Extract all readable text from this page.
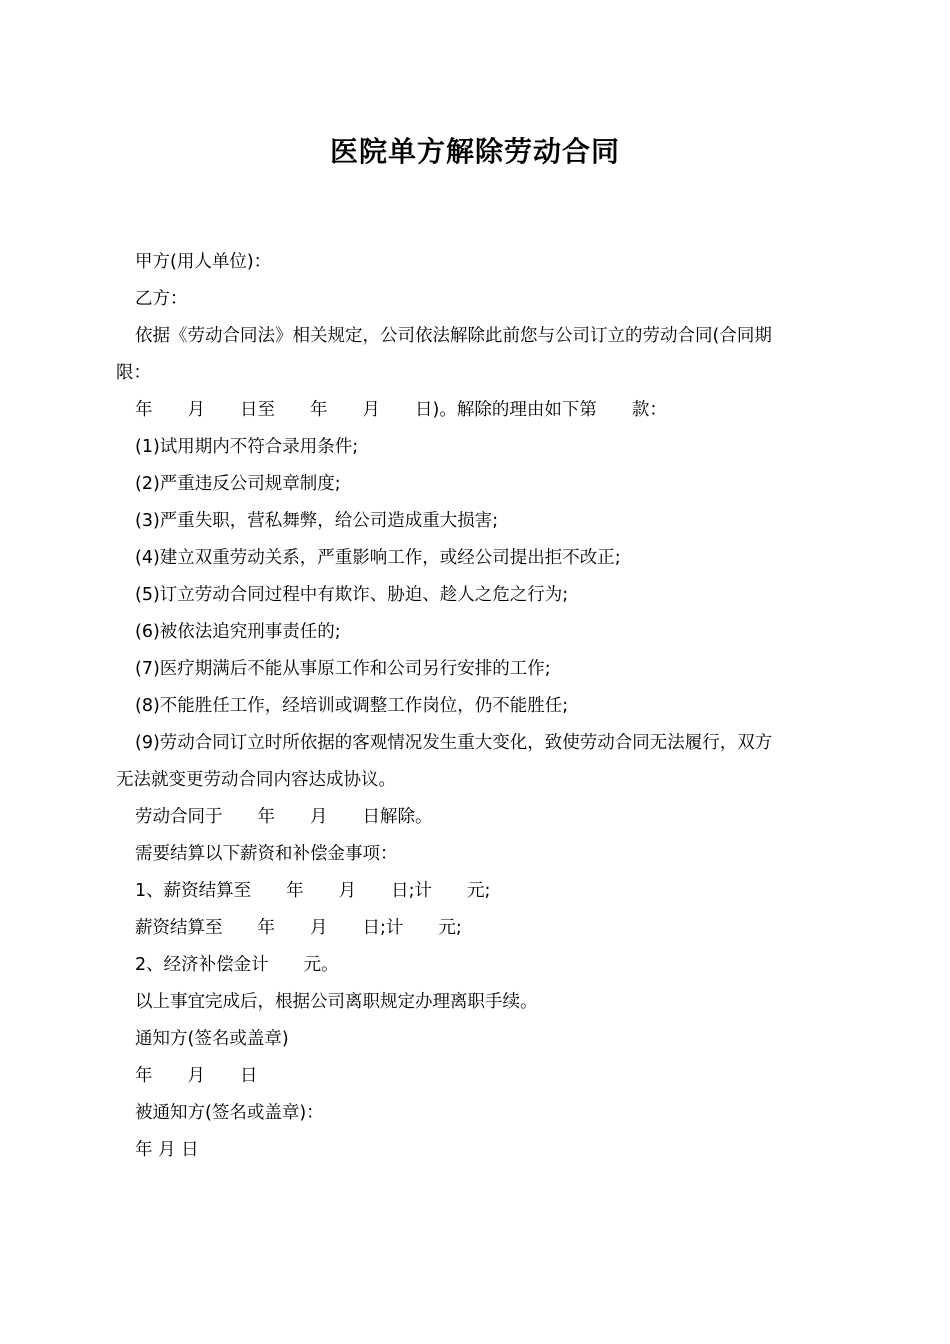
医院单方解除劳动合同
甲方(用人单位)：
乙方：
依据《劳动合同法》相关规定，公司依法解除此前您与公司订立的劳动合同(合同期
限：
年　　月　　日至　　年　　月　　日)。解除的理由如下第　　款：
(1)试用期内不符合录用条件;
(2)严重违反公司规章制度;
(3)严重失职，营私舞弊，给公司造成重大损害;
(4)建立双重劳动关系，严重影响工作，或经公司提出拒不改正;
(5)订立劳动合同过程中有欺诈、胁迫、趁人之危之行为;
(6)被依法追究刑事责任的;
(7)医疗期满后不能从事原工作和公司另行安排的工作;
(8)不能胜任工作，经培训或调整工作岗位，仍不能胜任;
(9)劳动合同订立时所依据的客观情况发生重大变化，致使劳动合同无法履行，双方
无法就变更劳动合同内容达成协议。
劳动合同于　　年　　月　　日解除。
需要结算以下薪资和补偿金事项：
1、薪资结算至　　年　　月　　日;计　　元;
薪资结算至　　年　　月　　日;计　　元;
2、经济补偿金计　　元。
以上事宜完成后，根据公司离职规定办理离职手续。
通知方(签名或盖章)
年　　月　　日
被通知方(签名或盖章)：
年 月 日
